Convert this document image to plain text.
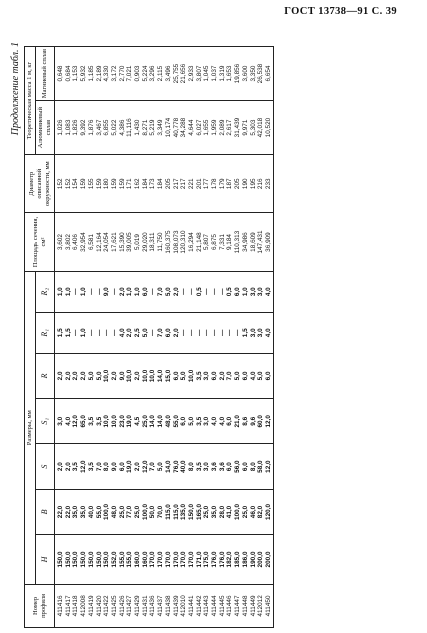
ГОСТ 13738—91 С. 39
Продолжение табл. 1
Номер профиля	Размеры, мм							Площадь сечения, см²	Диаметр описанной окружности, мм	Теоретическая масса 1 м, кг	
	H	B	S	S₁	R	R₁	R₂			Алюминиевый сплав	Магниевый сплав
411416	150,0	22,0	2,0	3,0	2,0	1,5	1,0	3,602	152	1,026	0,648
411417	150,0	22,0	2,0	4,0	2,0	1,5	1,0	3,802	152	1,083	0,684
411418	150,0	35,0	3,5	12,0	2,0	—	—	6,406	154	1,826	1,153
412008	150,0	35,0	12,0	65,0	2,0	1,0	1,0	32,954	159	9,392	5,932
411419	150,0	40,0	3,5	3,5	5,0	—	—	6,581	155	1,876	1,185
411420	150,0	55,0	7,0	3,5	5,0	—	—	12,164	159	3,467	2,189
411422	150,0	100,0	8,0	10,0	10,0	—	9,0	24,054	180	6,855	4,330
411425	152,0	48,0	9,0	10,0	2,0	—	—	17,621	159	5,022	3,172
411426	155,0	25,0	6,0	23,0	9,0	4,0	2,0	15,390	159	4,386	2,770
411427	155,0	77,0	19,0	19,0	10,0	2,0	1,0	39,005	171	11,116	7,021
411429	160,0	25,0	2,0	4,5	2,0	2,5	1,0	5,019	162	1,430	0,903
411431	160,0	100,0	12,0	25,0	10,0	5,0	6,0	29,020	184	8,271	5,224
411436	170,0	50,0	7,0	14,0	10,0	—	—	18,311	173	5,219	3,296
411437	170,0	70,0	5,0	14,0	14,0	7,0	7,0	11,750	184	3,349	2,115
411438	170,0	115,0	14,0	48,0	15,0	6,0	5,0	160,375	205	10,174	3,496
411439	170,0	115,0	76,0	55,0	6,0	2,0	2,0	108,073	217	40,778	25,755
412010	170,0	135,0	40,0	6,0	5,0	—	—	120,310	217	34,288	21,656
411441	170,0	150,0	8,0	5,0	10,0	—	—	16,294	221	4,644	2,933
411442	171,0	165,0	3,5	3,5	3,5	—	0,5	21,148	201	6,027	3,807
411443	175,0	25,0	3,0	3,0	3,0	—	—	5,807	177	1,655	1,045
411444	176,0	35,0	3,6	4,0	6,0	—	—	6,875	178	1,959	1,037
411445	176,0	28,0	3,6	4,0	2,0	—	—	7,331	179	2,089	1,319
411446	182,0	41,0	6,0	6,0	7,0	—	0,5	9,184	187	2,617	1,653
411447	185,0	100,0	56,0	21,0	5,0	—	6,0	110,313	205	31,439	19,856
411448	186,0	25,0	6,0	8,6	6,0	1,5	1,0	34,986	190	9,971	3,600
411449	190,0	46,0	8,0	9,6	4,0	3,0	3,0	18,609	195	5,303	3,350
412012	200,0	82,0	58,0	60,0	5,0	3,0	3,0	147,431	216	42,018	26,538
411450	200,0	120,0	12,0	12,0	6,0	4,0	4,0	36,909	233	10,520	6,654
